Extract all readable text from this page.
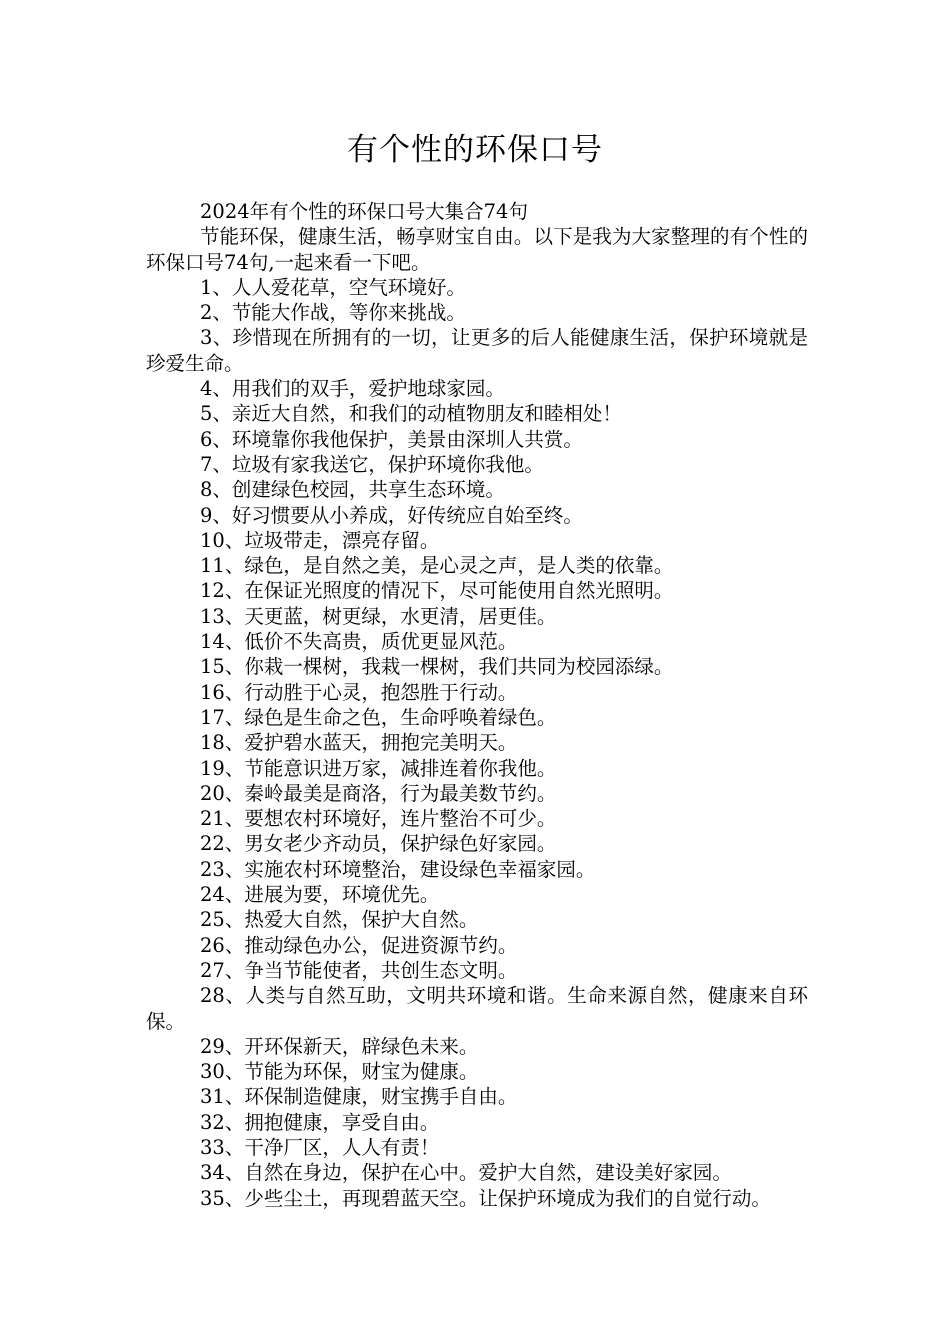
有个性的环保口号

2024年有个性的环保口号大集合74句

节能环保，健康生活，畅享财宝自由。以下是我为大家整理的有个性的环保口号74句,一起来看一下吧。

1、人人爱花草，空气环境好。

2、节能大作战，等你来挑战。

3、珍惜现在所拥有的一切，让更多的后人能健康生活，保护环境就是珍爱生命。

4、用我们的双手，爱护地球家园。

5、亲近大自然，和我们的动植物朋友和睦相处！

6、环境靠你我他保护，美景由深圳人共赏。

7、垃圾有家我送它，保护环境你我他。

8、创建绿色校园，共享生态环境。

9、好习惯要从小养成，好传统应自始至终。

10、垃圾带走，漂亮存留。

11、绿色，是自然之美，是心灵之声，是人类的依靠。

12、在保证光照度的情况下，尽可能使用自然光照明。

13、天更蓝，树更绿，水更清，居更佳。

14、低价不失高贵，质优更显风范。

15、你栽一棵树，我栽一棵树，我们共同为校园添绿。

16、行动胜于心灵，抱怨胜于行动。

17、绿色是生命之色，生命呼唤着绿色。

18、爱护碧水蓝天，拥抱完美明天。

19、节能意识进万家，减排连着你我他。

20、秦岭最美是商洛，行为最美数节约。

21、要想农村环境好，连片整治不可少。

22、男女老少齐动员，保护绿色好家园。

23、实施农村环境整治，建设绿色幸福家园。

24、进展为要，环境优先。

25、热爱大自然，保护大自然。

26、推动绿色办公，促进资源节约。

27、争当节能使者，共创生态文明。

28、人类与自然互助，文明共环境和谐。生命来源自然，健康来自环保。

29、开环保新天，辟绿色未来。

30、节能为环保，财宝为健康。

31、环保制造健康，财宝携手自由。

32、拥抱健康，享受自由。

33、干净厂区，人人有责！

34、自然在身边，保护在心中。爱护大自然，建设美好家园。

35、少些尘土，再现碧蓝天空。让保护环境成为我们的自觉行动。
